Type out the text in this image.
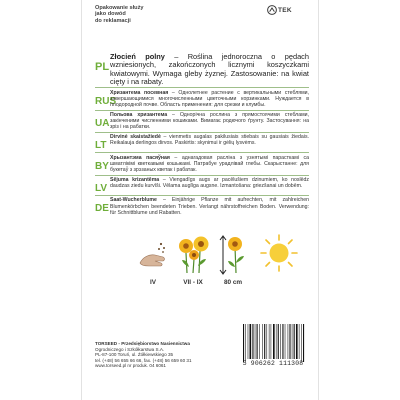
Opakowanie służy
jako dowód
do reklamacji
TEK
PL
Złocień polny – Roślina jednoroczna o pędach wzniesionych, zakończonych licznymi koszyczkami kwiatowymi. Wymaga gleby żyznej. Zastosowanie: na kwiat cięty i na rabaty.
RUS
Хризантема посевная – Однолетнее растение с вертикальными стеблями, завершающимися многочисленными цветочными корзинками. Нуждается в плодородной почве. Область применения: для срезки и клумбы.
UA
Польова хризантема – Однорічна рослина з прямостоячими стеблами, закінченими численними кошиками. Вимагає родючого ґрунту. Застосування: на зріз і на рабатки.
LT
Dirvinė skaistažiedė – vienmetis augalas pakilusiais stiebais su gausiais žiedais. Reikalauja derlingos dirvos. Paskirtis: skynimui ir gėlių lysvėms.
BY
Хрызантэма пасяўная – аднагадовая расліна з узнятымі парасткамі са шматлікімі кветкавымі кошыкамі. Патрабуе урадлівай глебы. Скарыстанне: для букетаў з зрэзаных кветак і рабатак.
LV
Sējuma krizantēma – Viengadīgs augs ar pacēlušiem dzinumiem, ko noslēdz daudzas ziedu kurvīši. Vēlama auglīga augsne. Izmantošana: griezšanai un dobēm.
DE
Saat-Wucherblume – Einjährige Pflanze mit aufrechten, mit zahlreichen Blumenkörbchen beendeten Trieben. Verlangt nährstoffreichen Boden. Verwendung: für Schnittblume und Rabatten.
IV	VII - IX	80 cm
TORSEED - Przedsiębiorstwo Nasiennictwa
Ogrodniczego i Szkółkarstwa S.A.
PL-87-100 Toruń, ul. Żółkiewskiego 35
tel. (+48) 56 655 66 66, fax. (+48) 56 659 60 31
www.torseed.pl nr produk. 04 6061	5 906262 111308
